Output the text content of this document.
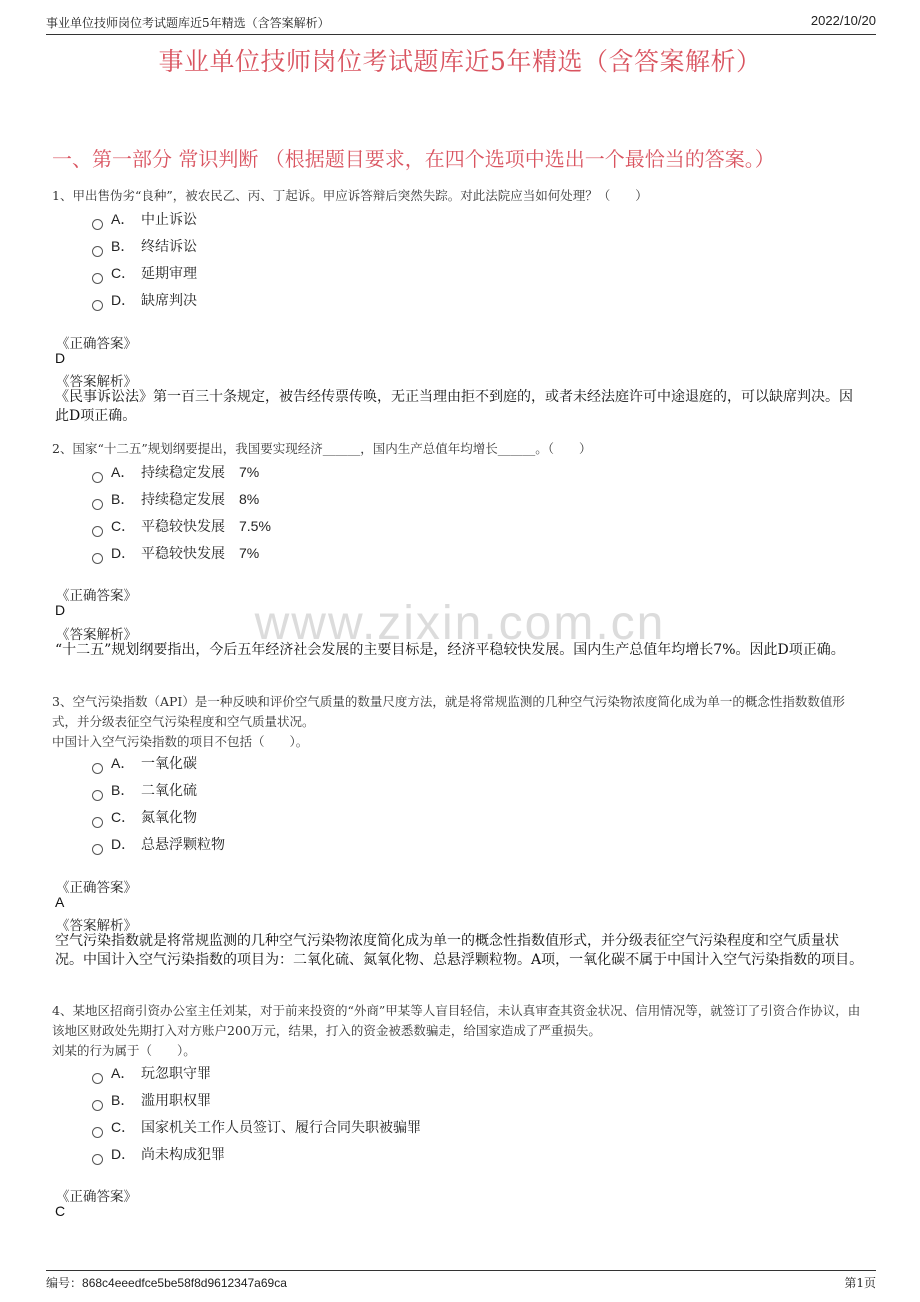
事业单位技师岗位考试题库近5年精选（含答案解析）	2022/10/20
事业单位技师岗位考试题库近5年精选（含答案解析）
一、第一部分 常识判断 （根据题目要求，在四个选项中选出一个最恰当的答案。）
www.zixin.com.cn
1、甲出售伪劣“良种”，被农民乙、丙、丁起诉。甲应诉答辩后突然失踪。对此法院应当如何处理？（　　）
A． 中止诉讼
B． 终结诉讼
C． 延期审理
D． 缺席判决
《正确答案》
D
《答案解析》
《民事诉讼法》第一百三十条规定，被告经传票传唤，无正当理由拒不到庭的，或者未经法庭许可中途退庭的，可以缺席判决。因此D项正确。
2、国家“十二五”规划纲要提出，我国要实现经济______，国内生产总值年均增长______。（　　）
A． 持续稳定发展 7%
B． 持续稳定发展 8%
C． 平稳较快发展 7.5%
D． 平稳较快发展 7%
《正确答案》
D
《答案解析》
“十二五”规划纲要指出，今后五年经济社会发展的主要目标是，经济平稳较快发展。国内生产总值年均增长7%。因此D项正确。
3、空气污染指数（API）是一种反映和评价空气质量的数量尺度方法，就是将常规监测的几种空气污染物浓度简化成为单一的概念性指数数值形式，并分级表征空气污染程度和空气质量状况。
中国计入空气污染指数的项目不包括（　　）。
A． 一氧化碳
B． 二氧化硫
C． 氮氧化物
D． 总悬浮颗粒物
《正确答案》
A
《答案解析》
空气污染指数就是将常规监测的几种空气污染物浓度简化成为单一的概念性指数值形式，并分级表征空气污染程度和空气质量状况。中国计入空气污染指数的项目为：二氧化硫、氮氧化物、总悬浮颗粒物。A项，一氧化碳不属于中国计入空气污染指数的项目。
4、某地区招商引资办公室主任刘某，对于前来投资的“外商”甲某等人盲目轻信，未认真审查其资金状况、信用情况等，就签订了引资合作协议，由该地区财政处先期打入对方账户200万元，结果，打入的资金被悉数骗走，给国家造成了严重损失。
刘某的行为属于（　　）。
A． 玩忽职守罪
B． 滥用职权罪
C． 国家机关工作人员签订、履行合同失职被骗罪
D． 尚未构成犯罪
《正确答案》
C
编号：868c4eeedfce5be58f8d9612347a69ca	第1页
